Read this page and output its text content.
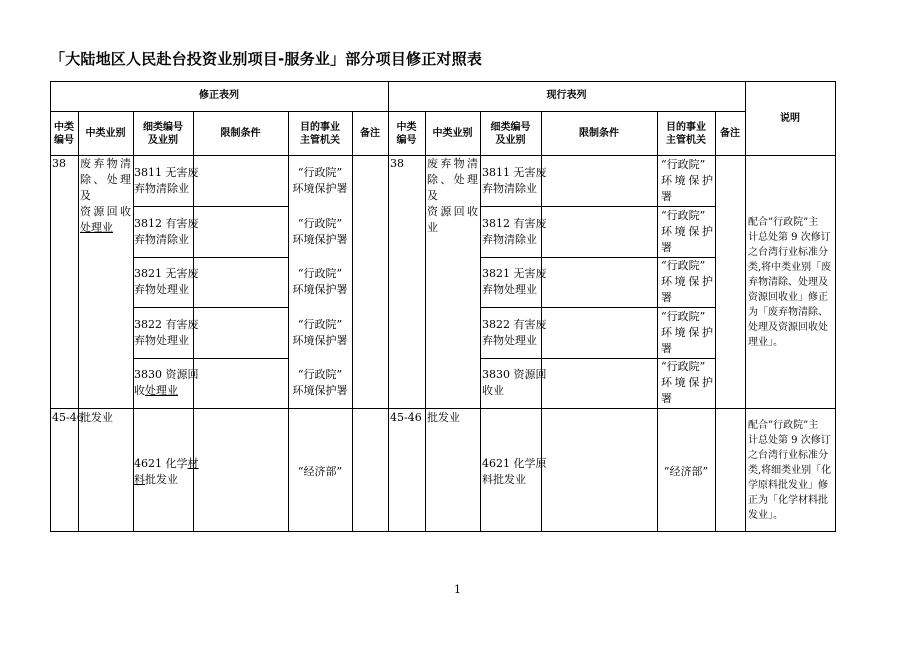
「大陆地区人民赴台投资业别项目-服务业」部分项目修正对照表
修正表列	现行表列
说明
中类
编号
中类业别
细类编号
及业别
限制条件
目的事业
主管机关
备注
中类
编号
中类业别
细类编号
及业别
限制条件
目的事业
主管机关
备注
38 废弃物清
除、处理及
资源回收
处理业
3811 无害废
弃物清除业
“行政院”
环境保护署
3812 有害废
弃物清除业
“行政院”
环境保护署
3821 无害废
弃物处理业
“行政院”
环境保护署
3822 有害废
弃物处理业
“行政院”
环境保护署
3830 资源回
收处理业
“行政院”
环境保护署
38 废弃物清
除、处理及
资源回收
业
3811 无害废
弃物清除业
“行政院”
环境保护
署
3812 有害废
弃物清除业
“行政院”
环境保护
署
3821 无害废
弃物处理业
“行政院”
环境保护
署
3822 有害废
弃物处理业
“行政院”
环境保护
署
3830 资源回
收业
“行政院”
环境保护
署
配合”行政院”主
计总处第 9 次修订
之台湾行业标准分
类,将中类业别「废
弃物清除、处理及
资源回收业」修正
为「废弃物清除、
处理及资源回收处
理业」。
45-46
批发业
4621 化学材
料批发业
“经济部”
45-46 批发业
4621 化学原
料批发业
“经济部”
配合”行政院”主
计总处第 9 次修订
之台湾行业标准分
类,将细类业别「化
学原料批发业」修
正为「化学材料批
发业」。
1
